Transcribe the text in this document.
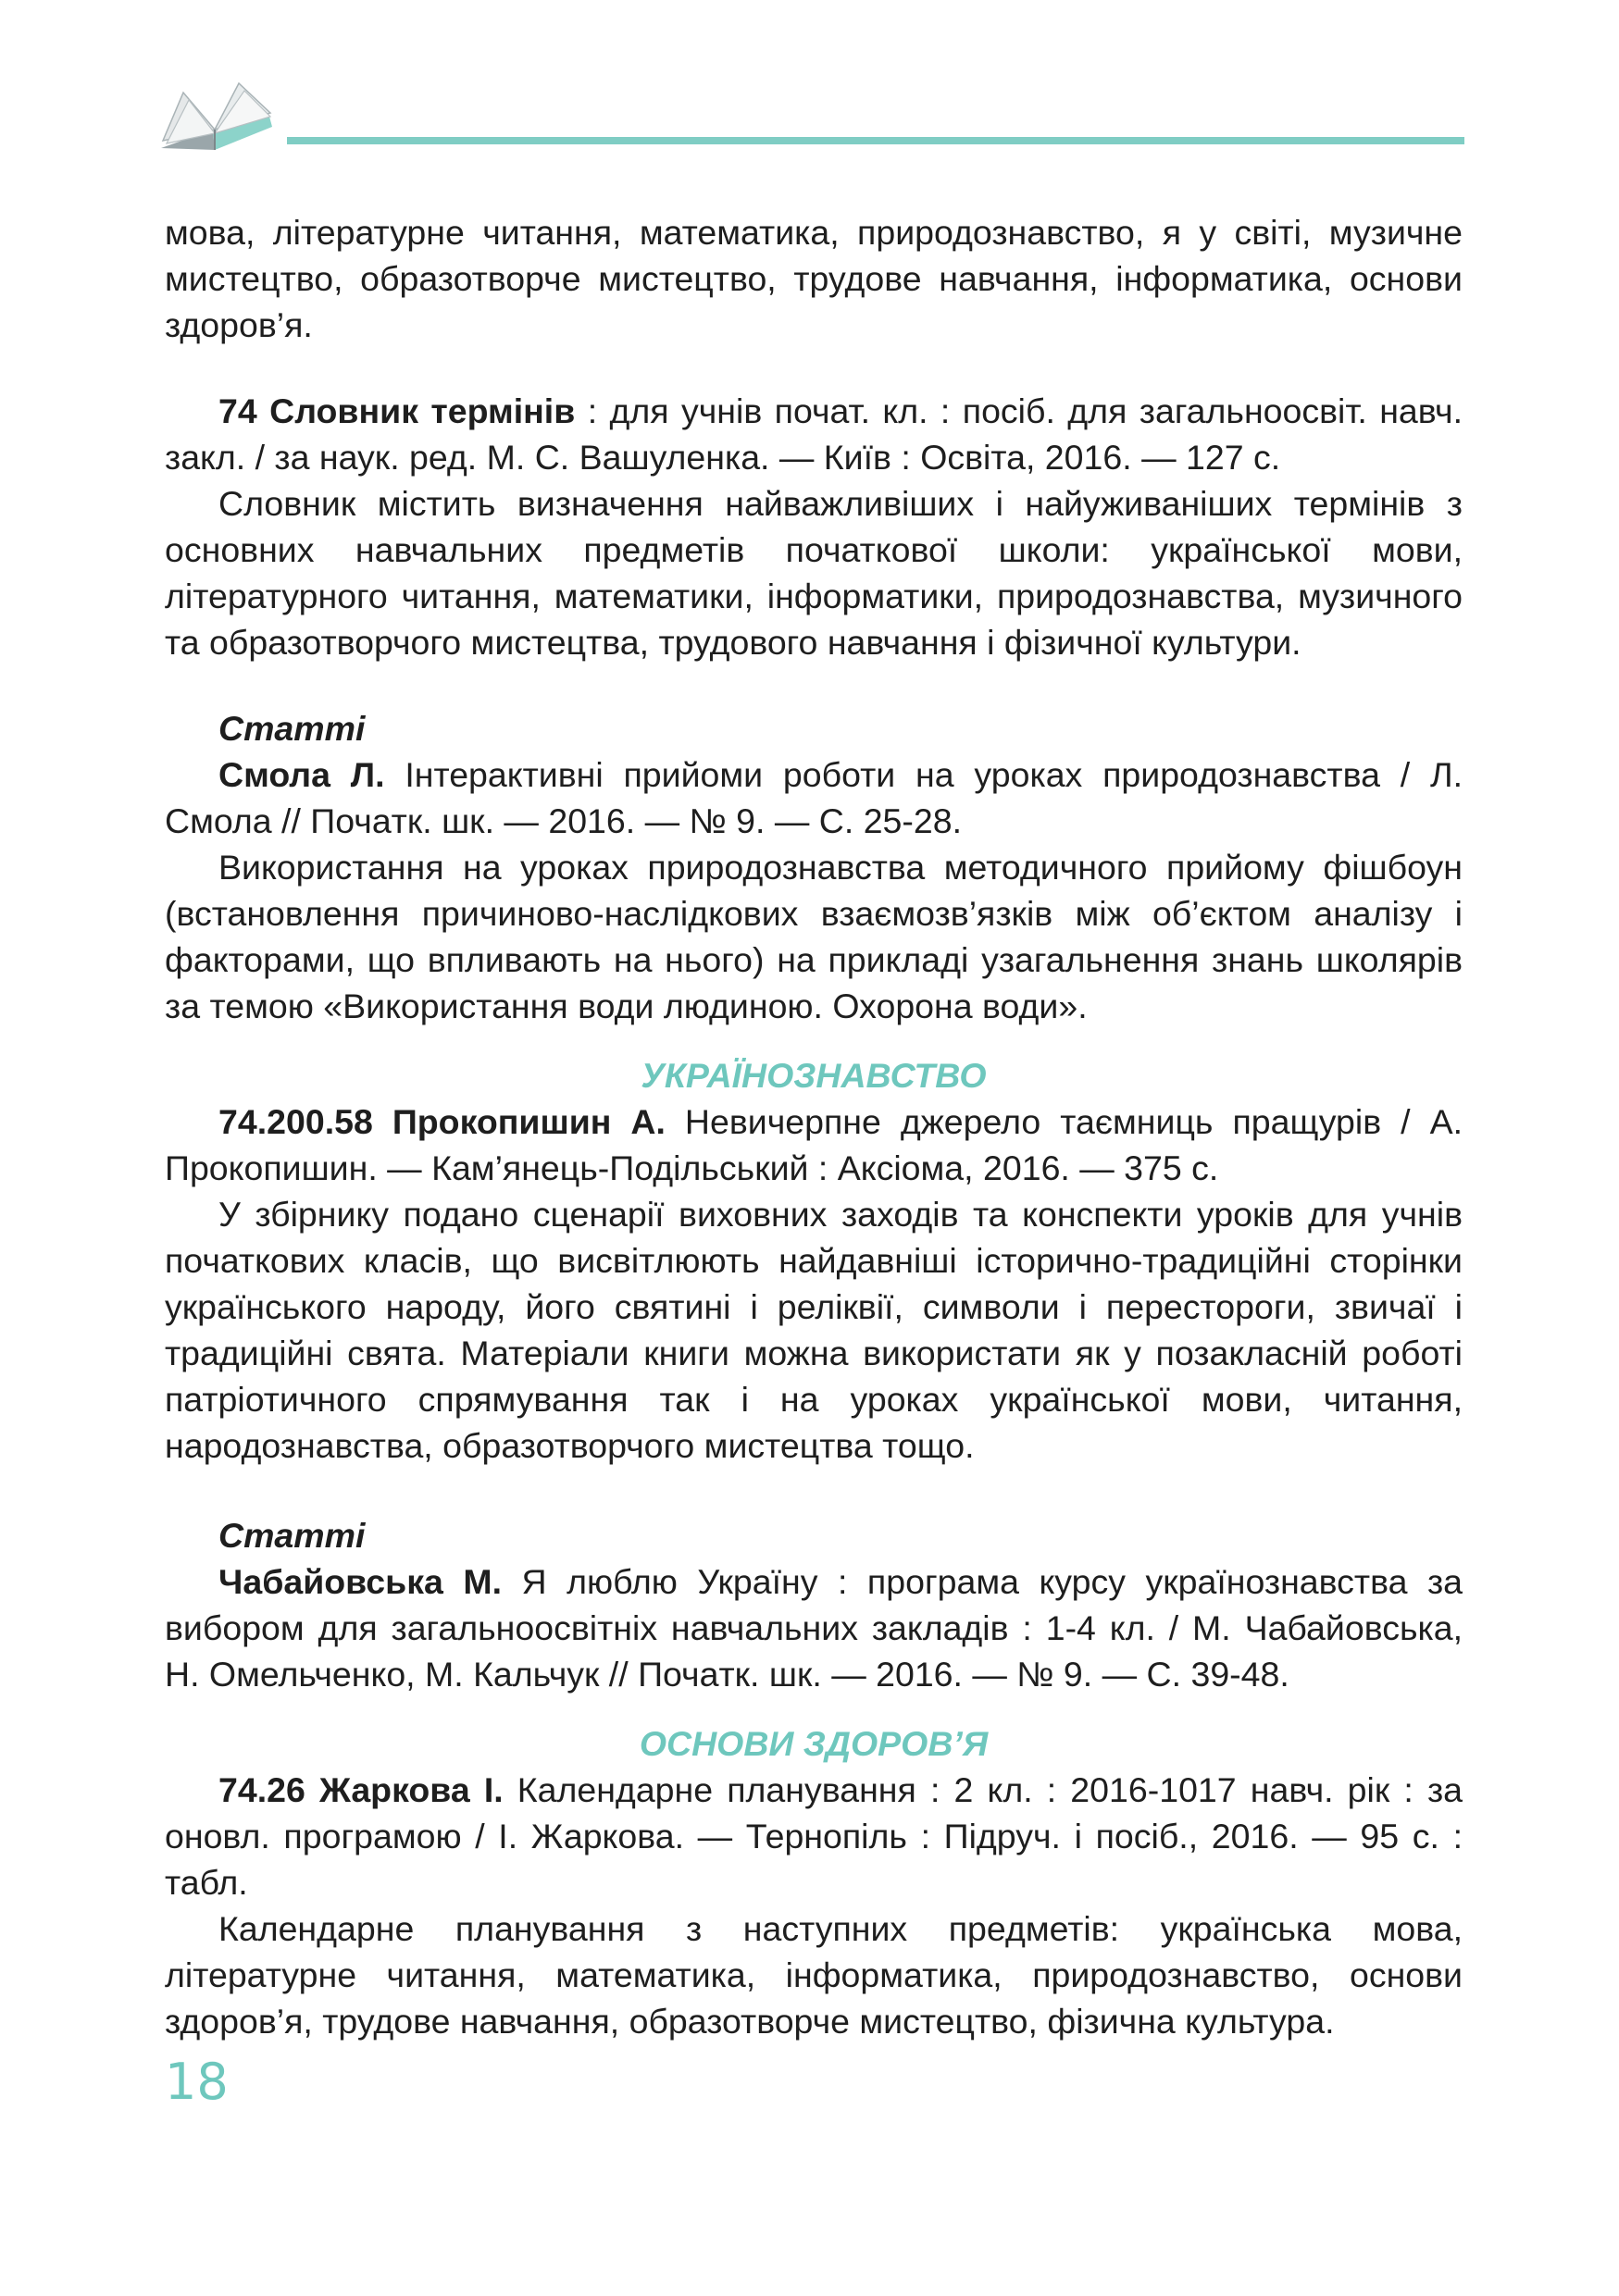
мова, літературне читання, математика, природознавство, я у світі, музичне мистецтво, образотворче мистецтво, трудове навчання, інформатика, основи здоров’я.

74 Словник термінів : для учнів почат. кл. : посіб. для загальноосвіт. навч. закл. / за наук. ред. М. С. Вашуленка. — Київ : Освіта, 2016. — 127 с.

Словник містить визначення найважливіших і найуживаніших термінів з основних навчальних предметів початкової школи: української мови, літературного читання, математики, інформатики, природознавства, музичного та образотворчого мистецтва, трудового навчання і фізичної культури.

Статті

Смола Л. Інтерактивні прийоми роботи на уроках природознавства / Л. Смола // Почaтк. шк. — 2016. — № 9. — С. 25-28.

Використання на уроках природознавства методичного прийому фішбоун (встановлення причиново-наслідкових взаємозв’язків між об’єктом аналізу і факторами, що впливають на нього) на прикладі узагальнення знань школярів за темою «Використання води людиною. Охорона води».

УКРАЇНОЗНАВСТВО

74.200.58 Прокопишин А. Невичерпне джерело таємниць пращурів / А. Прокопишин. — Кам’янець-Подільський : Аксіома, 2016. — 375 с.

У збірнику подано сценарії виховних заходів та конспекти уроків для учнів початкових класів, що висвітлюють найдавніші історично-традиційні сторінки українського народу, його святині і реліквії, символи і перестороги, звичаї і традиційні свята. Матеріали книги можна використати як у позакласній роботі патріотичного спрямування так і на уроках української мови, читання, народознавства, образотворчого мистецтва тощо.

Статті

Чабайовська М. Я люблю Україну : програма курсу українознавства за вибором для загальноосвітніх навчальних закладів : 1-4 кл. / М. Чабайовська, Н. Омельченко, М. Кальчук // Почaтк. шк. — 2016. — № 9. — С. 39-48.

ОСНОВИ ЗДОРОВ’Я

74.26 Жаркова І. Календарне планування : 2 кл. : 2016-1017 навч. рік : за оновл. програмою / І. Жаркова. — Тернопіль : Підруч. і посіб., 2016. — 95 с. : табл.

Календарне планування з наступних предметів: українська мова, літературне читання, математика, інформатика, природознавство, основи здоров’я, трудове навчання, образотворче мистецтво, фізична культура.

18
